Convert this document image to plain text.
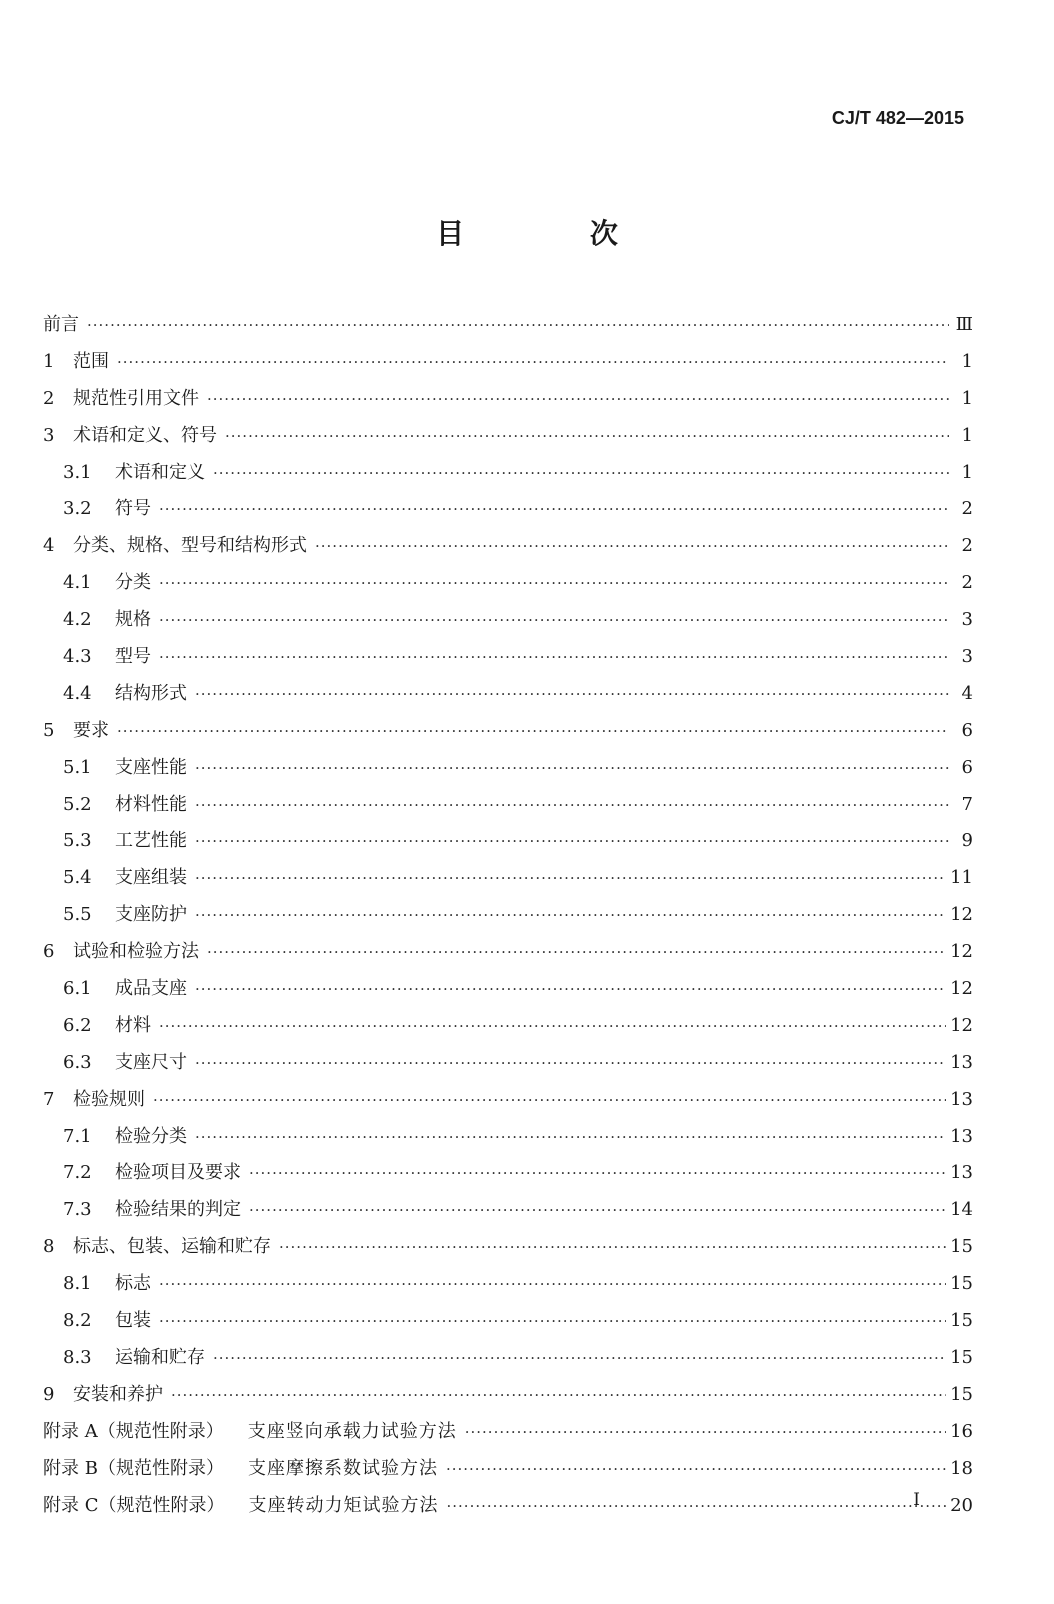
CJ/T 482—2015
目 次
前言 ·····	Ⅲ
1	范围 ·····	1
2	规范性引用文件 ·····	1
3	术语和定义、符号 ·····	1
3.1	术语和定义 ·····	1
3.2	符号 ·····	2
4	分类、规格、型号和结构形式 ·····	2
4.1	分类 ·····	2
4.2	规格 ·····	3
4.3	型号 ·····	3
4.4	结构形式 ·····	4
5	要求 ·····	6
5.1	支座性能 ·····	6
5.2	材料性能 ·····	7
5.3	工艺性能 ·····	9
5.4	支座组装 ·····	11
5.5	支座防护 ·····	12
6	试验和检验方法 ·····	12
6.1	成品支座 ·····	12
6.2	材料 ·····	12
6.3	支座尺寸 ·····	13
7	检验规则 ·····	13
7.1	检验分类 ·····	13
7.2	检验项目及要求 ·····	13
7.3	检验结果的判定 ·····	14
8	标志、包装、运输和贮存 ·····	15
8.1	标志 ·····	15
8.2	包装 ·····	15
8.3	运输和贮存 ·····	15
9	安装和养护 ·····	15
附录 A（规范性附录） 支座竖向承载力试验方法 ·····	16
附录 B（规范性附录） 支座摩擦系数试验方法 ·····	18
附录 C（规范性附录） 支座转动力矩试验方法 ·····	20
I
